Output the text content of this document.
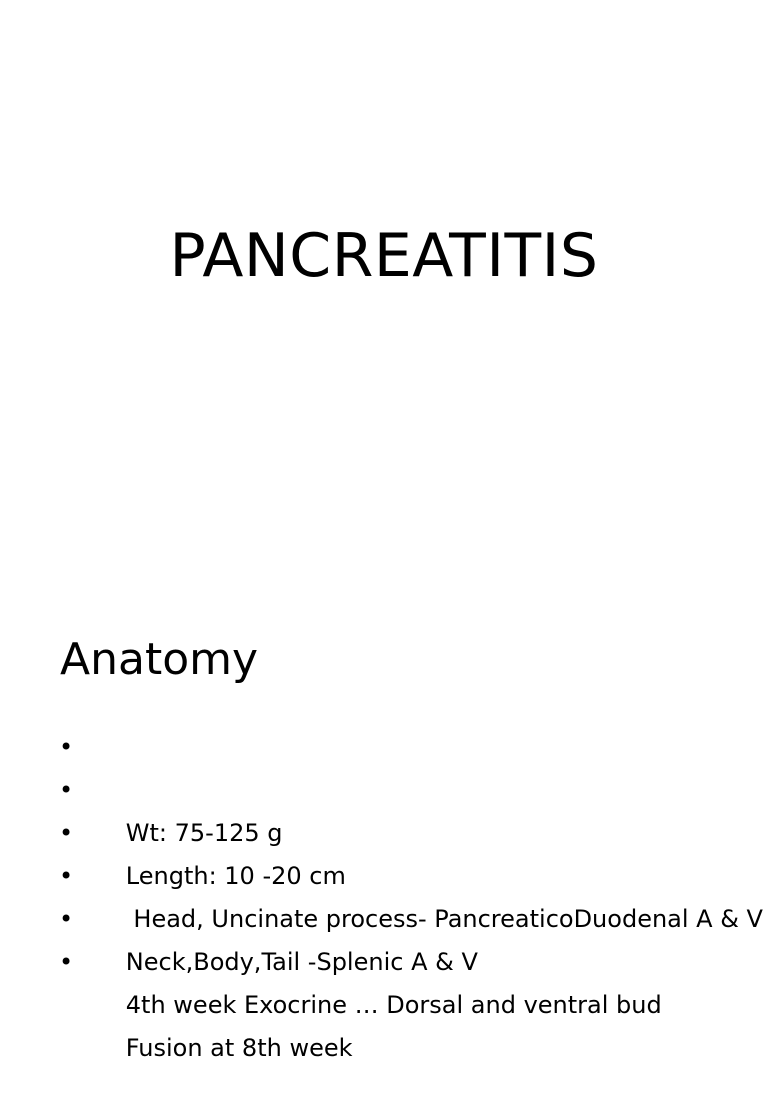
PANCREATITIS
Anatomy

•

Wt: 75-125 g

•

Length: 10 -20 cm

•

Head, Uncinate process- PancreaticoDuodenal A & V

•

Neck,Body,Tail -Splenic A & V

•

4th week Exocrine … Dorsal and ventral bud

•

Fusion at 8th week
